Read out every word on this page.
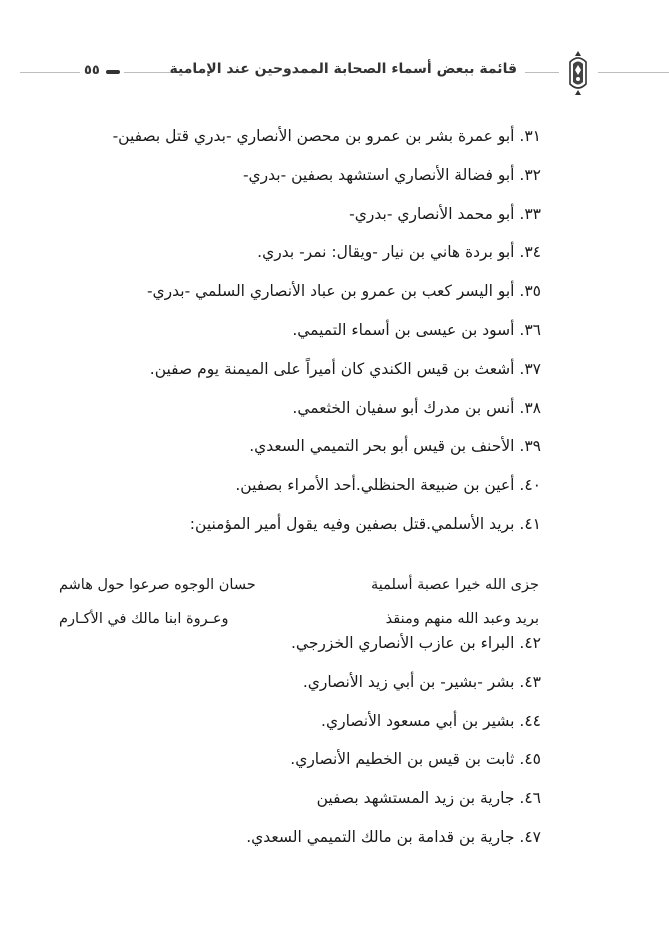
٥٥	قائمة ببعض أسماء الصحابة الممدوحين عند الإمامية
٣١. أبو عمرة بشر بن عمرو بن محصن الأنصاري -بدري قتل بصفين-
٣٢. أبو فضالة الأنصاري استشهد بصفين -بدري-
٣٣. أبو محمد الأنصاري -بدري-
٣٤. أبو بردة هاني بن نيار -ويقال: نمر- بدري.
٣٥. أبو اليسر كعب بن عمرو بن عباد الأنصاري السلمي -بدري-
٣٦. أسود بن عيسى بن أسماء التميمي.
٣٧. أشعث بن قيس الكندي كان أميراً على الميمنة يوم صفين.
٣٨. أنس بن مدرك أبو سفيان الخثعمي.
٣٩. الأحنف بن قيس أبو بحر التميمي السعدي.
٤٠. أعين بن ضبيعة الحنظلي.أحد الأمراء بصفين.
٤١. بريد الأسلمي.قتل بصفين وفيه يقول أمير المؤمنين:
جزى الله خيرا عصبة أسلمية
حسان الوجوه صرعوا حول هاشم
بريد وعبد الله منهم ومنقذ
وعـروة ابنا مالك في الأكـارم
٤٢. البراء بن عازب الأنصاري الخزرجي.
٤٣. بشر -بشير- بن أبي زيد الأنصاري.
٤٤. بشير بن أبي مسعود الأنصاري.
٤٥. ثابت بن قيس بن الخطيم الأنصاري.
٤٦. جارية بن زيد المستشهد بصفين
٤٧. جارية بن قدامة بن مالك التميمي السعدي.
